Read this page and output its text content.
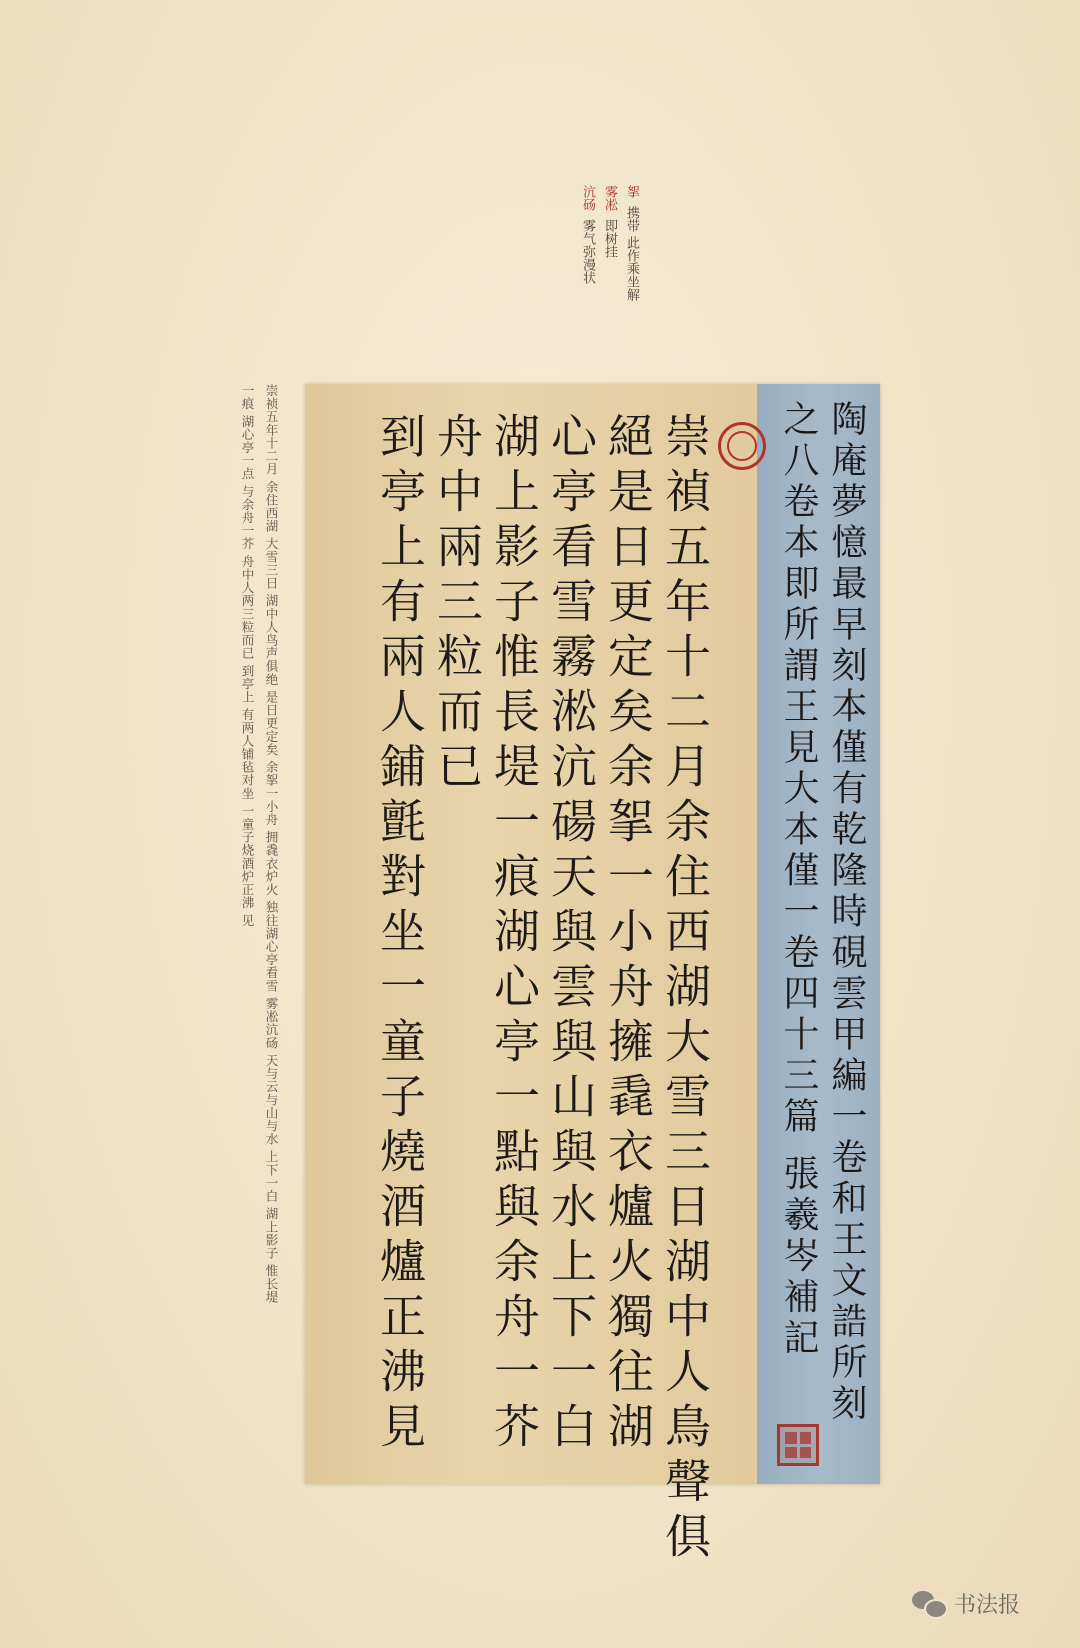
挐携带 此作乘坐解
雾凇即树挂
沆砀雾气弥漫状
崇祯五年十二月 余住西湖 大雪三日 湖中人鸟声俱绝 是日更定矣 余挐一小舟 拥毳衣炉火 独往湖心亭看雪 雾凇沆砀 天与云与山与水 上下一白 湖上影子 惟长堤
一痕 湖心亭一点 与余舟一芥 舟中人两三粒而已 到亭上 有两人铺毡对坐 一童子烧酒炉正沸 见	崇禎五年十二月余住西湖大雪三日湖中人鳥聲俱
絕是日更定矣余挐一小舟擁毳衣爐火獨往湖
心亭看雪霧淞沆碭天與雲與山與水上下一白
湖上影子惟長堤一痕湖心亭一點與余舟一芥
舟中兩三粒而已
到亭上有兩人鋪氈對坐一童子燒酒爐正沸見	陶庵夢憶最早刻本僅有乾隆時硯雲甲編一卷和王文誥所刻
之八卷本即所謂王見大本僅一卷四十三篇 張羲岑補記
书法报
